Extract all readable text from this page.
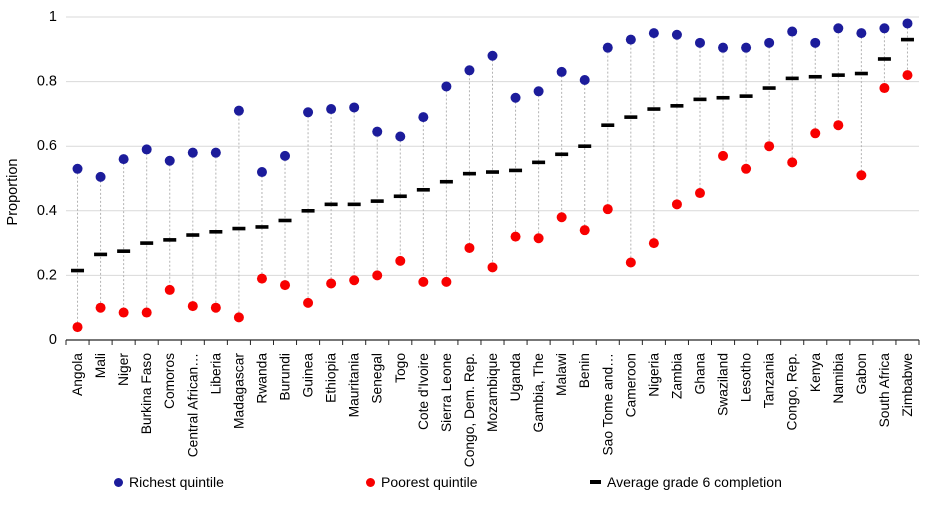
Proportion
0
0.2
0.4
0.6
0.8
1
Angola Mali Niger Burkina Faso Comoros Central African… Liberia Madagascar Rwanda Burundi Guinea Ethiopia Mauritania Senegal Togo Cote d'Ivoire Sierra Leone Congo, Dem. Rep. Mozambique Uganda Gambia, The Malawi Benin Sao Tome and… Cameroon Nigeria Zambia Ghana Swaziland Lesotho Tanzania Congo, Rep. Kenya Namibia Gabon South Africa Zimbabwe
Richest quintile	Poorest quintile	Average grade 6 completion
